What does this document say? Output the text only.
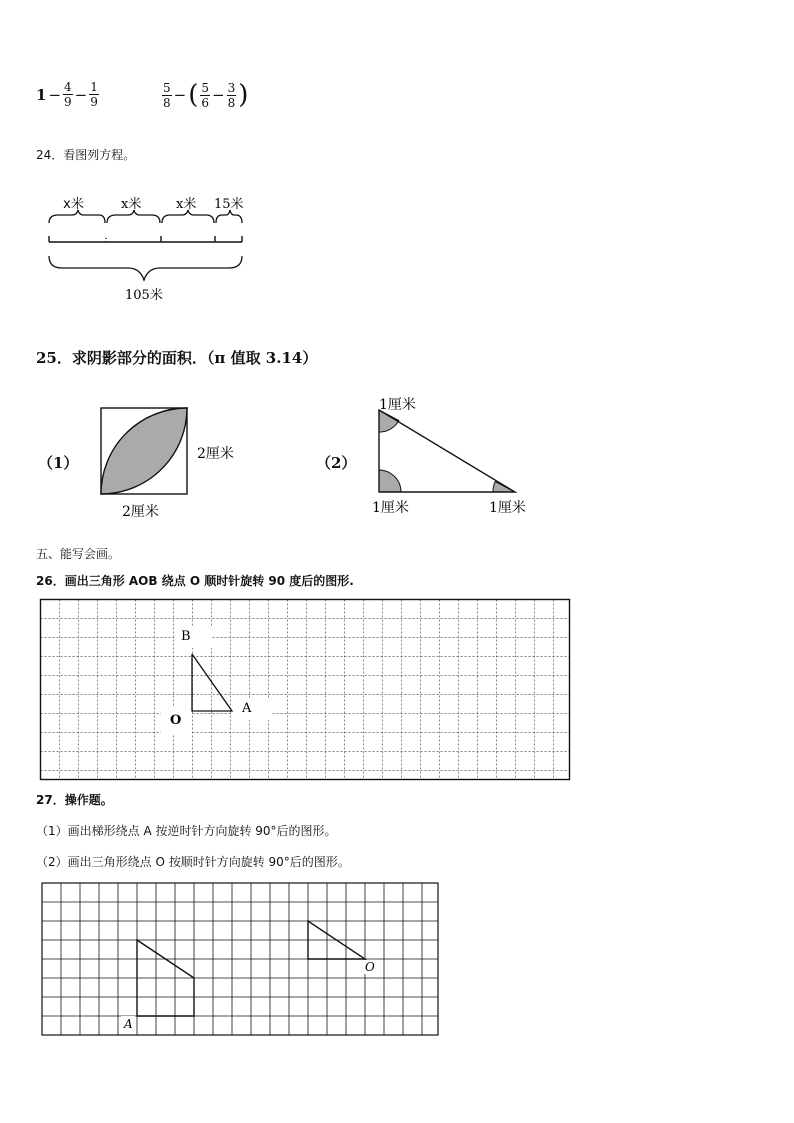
$1 - \frac{4}{9} - \frac{1}{9}$	$\frac{5}{8}$ − ( $\frac{5}{6} - \frac{3}{8}$ )
24．看图列方程。
x米	x米	x米 15米
105米
25．求阴影部分的面积．（π 值取 3.14）
（1）	2厘米
2厘米
（2）
1厘米
1厘米	1厘米
五、能写会画。
26．画出三角形 AOB 绕点 O 顺时针旋转 90 度后的图形.
B
A
O
27．操作题。
（1）画出梯形绕点 A 按逆时针方向旋转 90°后的图形。
（2）画出三角形绕点 O 按顺时针方向旋转 90°后的图形。
A
O
